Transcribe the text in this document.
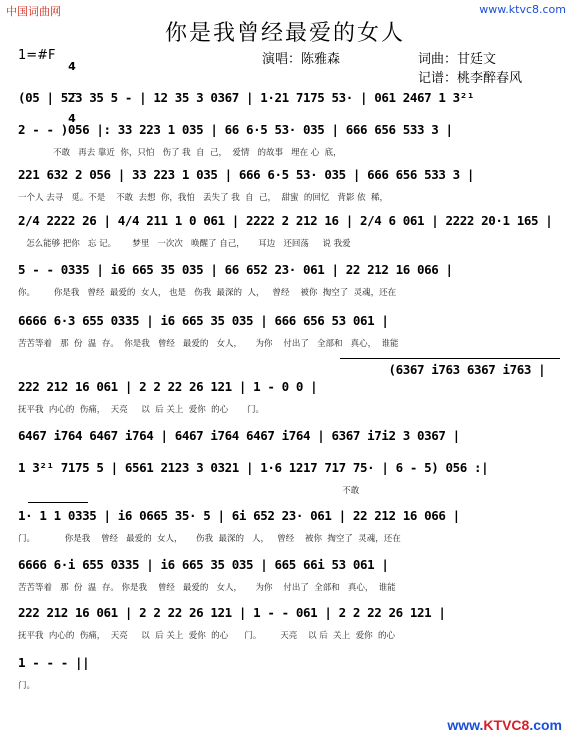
中国词曲网	www.ktvc8.com
你是我曾经最爱的女人
演唱：陈雅森	词曲：甘廷文
记谱：桃李醉春风
1=#F

4

4

(05 | 523 35 5 - | 12 35 3 0367 | 1·21 7175 53· | 061 2467 1 3²¹
2 - - )056 |: 33 223 1 035 | 66 6·5 53· 035 | 666 656 533 3 |
不敢   再去 靠近  你，只怕   伤了 我  自  己，  爱情   的故事   埋在 心  底，
221 632 2 056 | 33 223 1 035 | 666 6·5 53· 035 | 666 656 533 3 |
一个人 去寻   觅。不是    不敢  去想  你，我怕   丢失了 我  自  己，  甜蜜  的回忆   背影 依  稀，
2/4 2222 26 | 4/4 211 1 0 061 | 2222 2 212 16 | 2/4 6 061 | 2222 20·1 165 |
怎么能够 把你   忘 记。      梦里   一次次   唤醒了 自己，     耳边   还回荡     说 我爱
5 - - 0335 | i6 665 35 035 | 66 652 23· 061 | 22 212 16 066 |
你。       你是我   曾经  最爱的  女人， 也是   伤我  最深的  人，   曾经    被你  掏空了  灵魂，还在
6666 6·3 655 0335 | i6 665 35 035 | 666 656 53 061 |
苦苦等着   那  份  温  存。  你是我   曾经   最爱的   女人，     为你    付出了   全部和   真心，  谁能
(6367 i763 6367 i763 |
222 212 16 061 | 2 2 22 26 121 | 1 - 0 0 |
抚平我  内心的  伤痛，  天亮     以  后 关上  爱你  的心       门。
6467 i764 6467 i764 | 6467 i764 6467 i764 | 6367 i7i2 3 0367 |
1 3²¹ 7175 5 | 6561 2123 3 0321 | 1·6 1217 717 75· | 6 - 5) 056 :|
不敢
1· 1 1 0335 | i6 0665 35· 5 | 6i 652 23· 061 | 22 212 16 066 |
门。           你是我    曾经   最爱的  女人，     伤我  最深的   人，   曾经    被你  掏空了  灵魂，还在
6666 6·i 655 0335 | i6 665 35 035 | 665 66i 53 061 |
苦苦等着   那  份  温  存。 你是我    曾经   最爱的   女人，     为你    付出了  全部和   真心，  谁能
222 212 16 061 | 2 2 22 26 121 | 1 - - 061 | 2 2 22 26 121 |
抚平我  内心的  伤痛，  天亮     以  后 关上  爱你  的心      门。       天亮    以 后  关上  爱你  的心
1 - - - ||
门。
www.KTVC8.com
